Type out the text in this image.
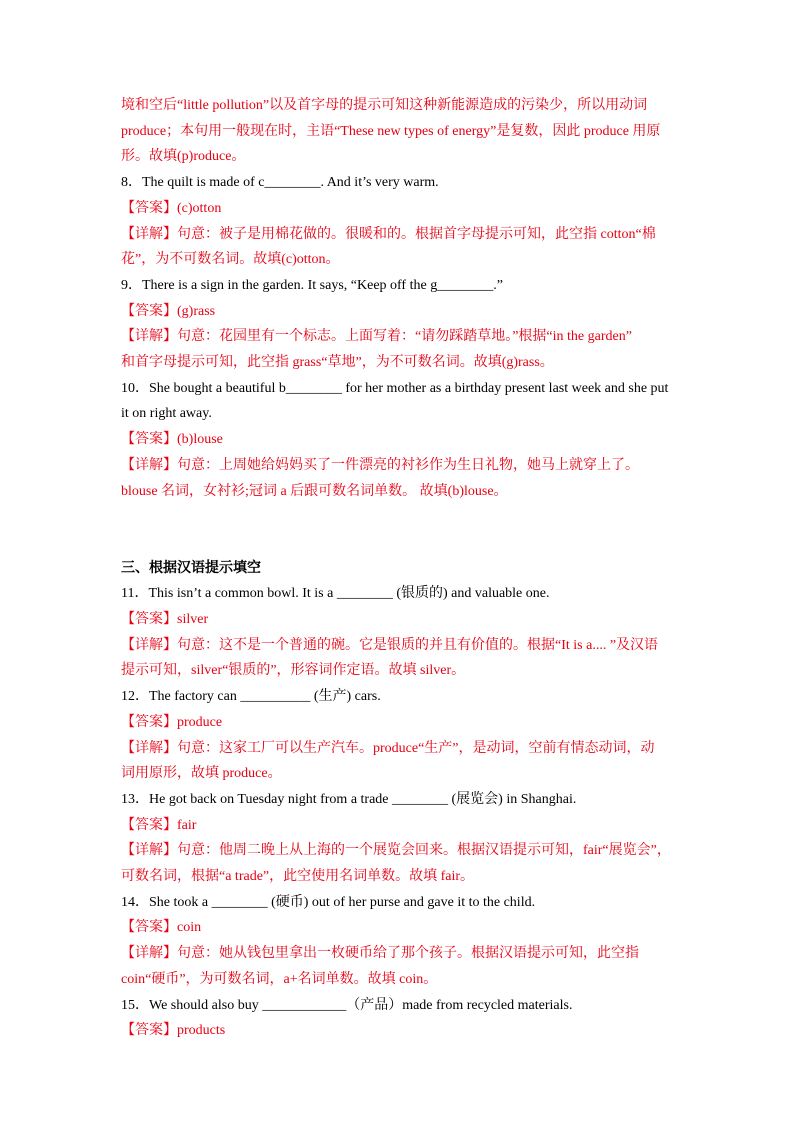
境和空后“little pollution”以及首字母的提示可知这种新能源造成的污染少，所以用动词
produce；本句用一般现在时，主语“These new types of energy”是复数，因此 produce 用原
形。故填(p)roduce。
8．The quilt is made of c________. And it’s very warm.
【答案】(c)otton
【详解】句意：被子是用棉花做的。很暖和的。根据首字母提示可知，此空指 cotton“棉
花”，为不可数名词。故填(c)otton。
9．There is a sign in the garden. It says, “Keep off the g________.”
【答案】(g)rass
【详解】句意：花园里有一个标志。上面写着：“请勿踩踏草地。”根据“in the garden”
和首字母提示可知，此空指 grass“草地”，为不可数名词。故填(g)rass。
10．She bought a beautiful b________ for her mother as a birthday present last week and she put
it on right away.
【答案】(b)louse
【详解】句意：上周她给妈妈买了一件漂亮的衬衫作为生日礼物，她马上就穿上了。
blouse 名词，女衬衫;冠词 a 后跟可数名词单数。 故填(b)louse。
三、根据汉语提示填空
11．This isn’t a common bowl. It is a ________ (银质的) and valuable one.
【答案】silver
【详解】句意：这不是一个普通的碗。它是银质的并且有价值的。根据“It is a.... ”及汉语
提示可知，silver“银质的”，形容词作定语。故填 silver。
12．The factory can __________ (生产) cars.
【答案】produce
【详解】句意：这家工厂可以生产汽车。produce“生产”，是动词，空前有情态动词，动
词用原形，故填 produce。
13．He got back on Tuesday night from a trade ________ (展览会) in Shanghai.
【答案】fair
【详解】句意：他周二晚上从上海的一个展览会回来。根据汉语提示可知，fair“展览会”，
可数名词，根据“a trade”，此空使用名词单数。故填 fair。
14．She took a ________ (硬币) out of her purse and gave it to the child.
【答案】coin
【详解】句意：她从钱包里拿出一枚硬币给了那个孩子。根据汉语提示可知，此空指
coin“硬币”，为可数名词，a+名词单数。故填 coin。
15．We should also buy ____________（产品）made from recycled materials.
【答案】products
